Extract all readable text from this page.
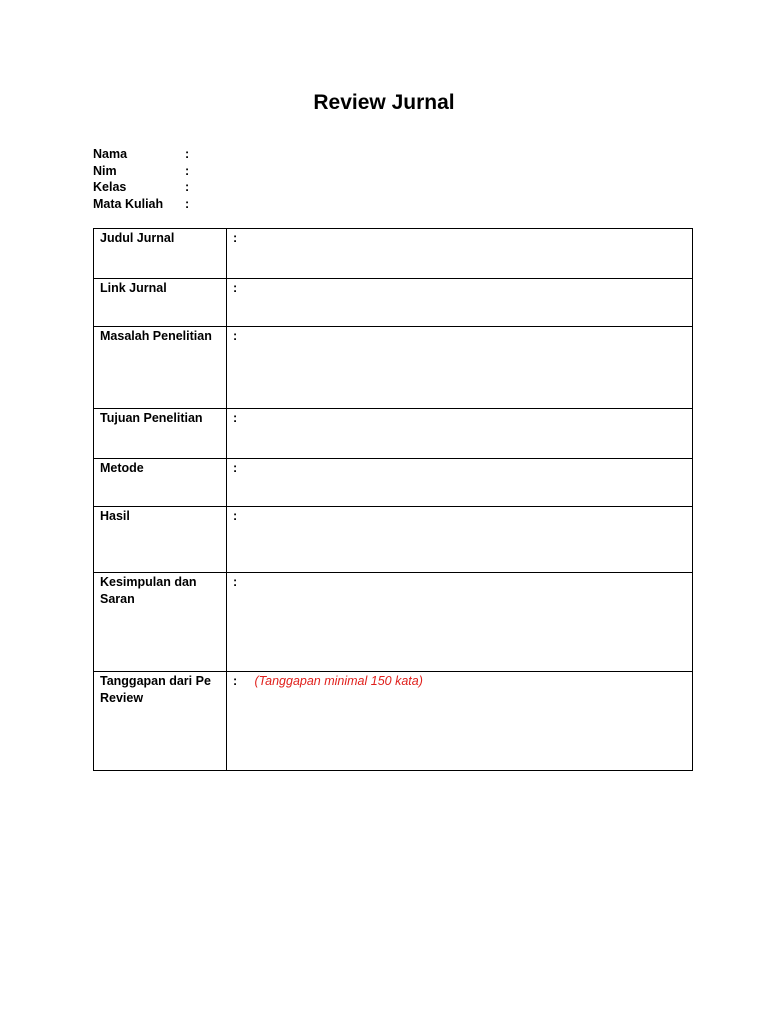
Review Jurnal
Nama	:
Nim	:
Kelas	:
Mata Kuliah :
Judul Jurnal	:
Link Jurnal	:
Masalah Penelitian	:
Tujuan Penelitian	:
Metode	:
Hasil	:
Kesimpulan dan Saran	:
Tanggapan dari Pe Review	: (Tanggapan minimal 150 kata)
